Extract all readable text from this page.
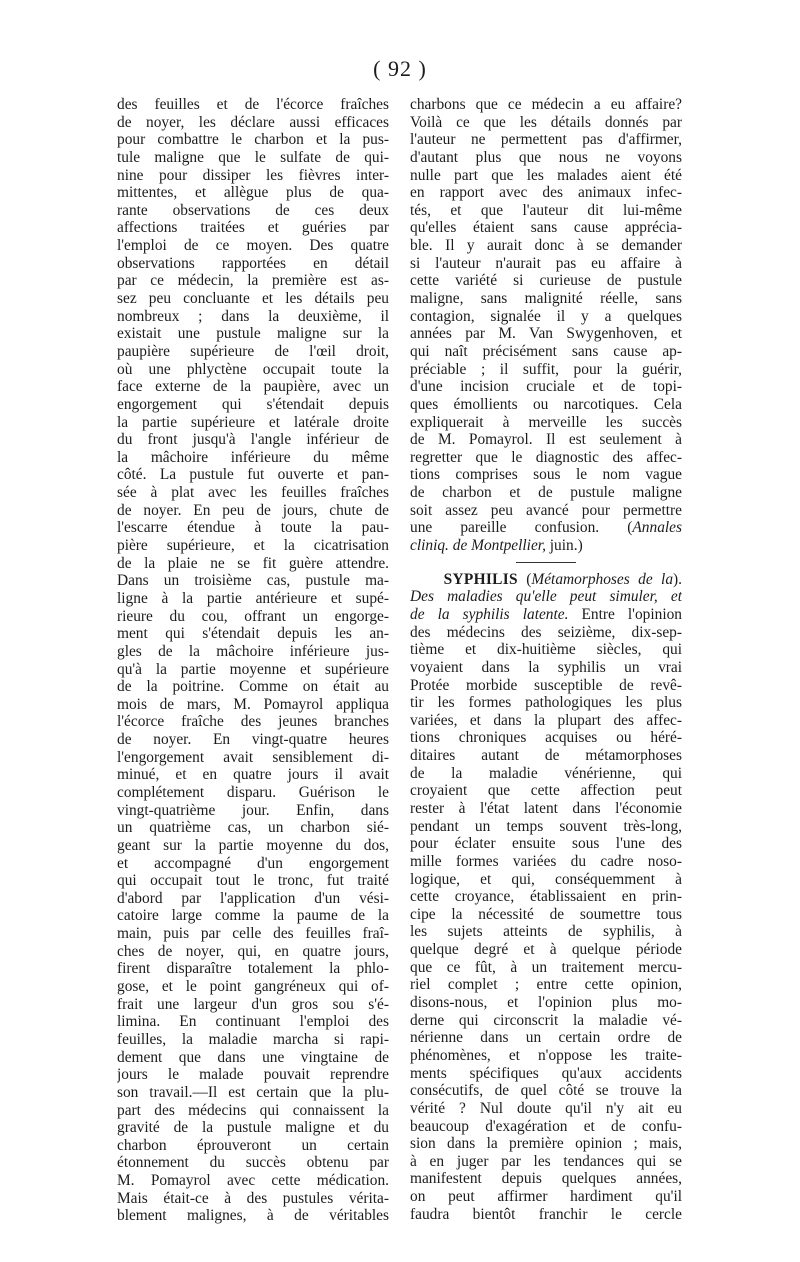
( 92 )
des feuilles et de l'écorce fraîches
de noyer, les déclare aussi efficaces
pour combattre le charbon et la pus-
tule maligne que le sulfate de qui-
nine pour dissiper les fièvres inter-
mittentes, et allègue plus de qua-
rante observations de ces deux
affections traitées et guéries par
l'emploi de ce moyen. Des quatre
observations rapportées en détail
par ce médecin, la première est as-
sez peu concluante et les détails peu
nombreux ; dans la deuxième, il
existait une pustule maligne sur la
paupière supérieure de l'œil droit,
où une phlyctène occupait toute la
face externe de la paupière, avec un
engorgement qui s'étendait depuis
la partie supérieure et latérale droite
du front jusqu'à l'angle inférieur de
la mâchoire inférieure du même
côté. La pustule fut ouverte et pan-
sée à plat avec les feuilles fraîches
de noyer. En peu de jours, chute de
l'escarre étendue à toute la pau-
pière supérieure, et la cicatrisation
de la plaie ne se fit guère attendre.
Dans un troisième cas, pustule ma-
ligne à la partie antérieure et supé-
rieure du cou, offrant un engorge-
ment qui s'étendait depuis les an-
gles de la mâchoire inférieure jus-
qu'à la partie moyenne et supérieure
de la poitrine. Comme on était au
mois de mars, M. Pomayrol appliqua
l'écorce fraîche des jeunes branches
de noyer. En vingt-quatre heures
l'engorgement avait sensiblement di-
minué, et en quatre jours il avait
complétement disparu. Guérison le
vingt-quatrième jour. Enfin, dans
un quatrième cas, un charbon sié-
geant sur la partie moyenne du dos,
et accompagné d'un engorgement
qui occupait tout le tronc, fut traité
d'abord par l'application d'un vési-
catoire large comme la paume de la
main, puis par celle des feuilles fraî-
ches de noyer, qui, en quatre jours,
firent disparaître totalement la phlo-
gose, et le point gangréneux qui of-
frait une largeur d'un gros sou s'é-
limina. En continuant l'emploi des
feuilles, la maladie marcha si rapi-
dement que dans une vingtaine de
jours le malade pouvait reprendre
son travail.—Il est certain que la plu-
part des médecins qui connaissent la
gravité de la pustule maligne et du
charbon éprouveront un certain
étonnement du succès obtenu par
M. Pomayrol avec cette médication.
Mais était-ce à des pustules vérita-
blement malignes, à de véritables
charbons que ce médecin a eu affaire?
Voilà ce que les détails donnés par
l'auteur ne permettent pas d'affirmer,
d'autant plus que nous ne voyons
nulle part que les malades aient été
en rapport avec des animaux infec-
tés, et que l'auteur dit lui-même
qu'elles étaient sans cause apprécia-
ble. Il y aurait donc à se demander
si l'auteur n'aurait pas eu affaire à
cette variété si curieuse de pustule
maligne, sans malignité réelle, sans
contagion, signalée il y a quelques
années par M. Van Swygenhoven, et
qui naît précisément sans cause ap-
préciable ; il suffit, pour la guérir,
d'une incision cruciale et de topi-
ques émollients ou narcotiques. Cela
expliquerait à merveille les succès
de M. Pomayrol. Il est seulement à
regretter que le diagnostic des affec-
tions comprises sous le nom vague
de charbon et de pustule maligne
soit assez peu avancé pour permettre
une pareille confusion. (Annales
cliniq. de Montpellier, juin.)
SYPHILIS (Métamorphoses de la).
Des maladies qu'elle peut simuler, et
de la syphilis latente. Entre l'opinion
des médecins des seizième, dix-sep-
tième et dix-huitième siècles, qui
voyaient dans la syphilis un vrai
Protée morbide susceptible de revê-
tir les formes pathologiques les plus
variées, et dans la plupart des affec-
tions chroniques acquises ou héré-
ditaires autant de métamorphoses
de la maladie vénérienne, qui
croyaient que cette affection peut
rester à l'état latent dans l'économie
pendant un temps souvent très-long,
pour éclater ensuite sous l'une des
mille formes variées du cadre noso-
logique, et qui, conséquemment à
cette croyance, établissaient en prin-
cipe la nécessité de soumettre tous
les sujets atteints de syphilis, à
quelque degré et à quelque période
que ce fût, à un traitement mercu-
riel complet ; entre cette opinion,
disons-nous, et l'opinion plus mo-
derne qui circonscrit la maladie vé-
nérienne dans un certain ordre de
phénomènes, et n'oppose les traite-
ments spécifiques qu'aux accidents
consécutifs, de quel côté se trouve la
vérité ? Nul doute qu'il n'y ait eu
beaucoup d'exagération et de confu-
sion dans la première opinion ; mais,
à en juger par les tendances qui se
manifestent depuis quelques années,
on peut affirmer hardiment qu'il
faudra bientôt franchir le cercle
